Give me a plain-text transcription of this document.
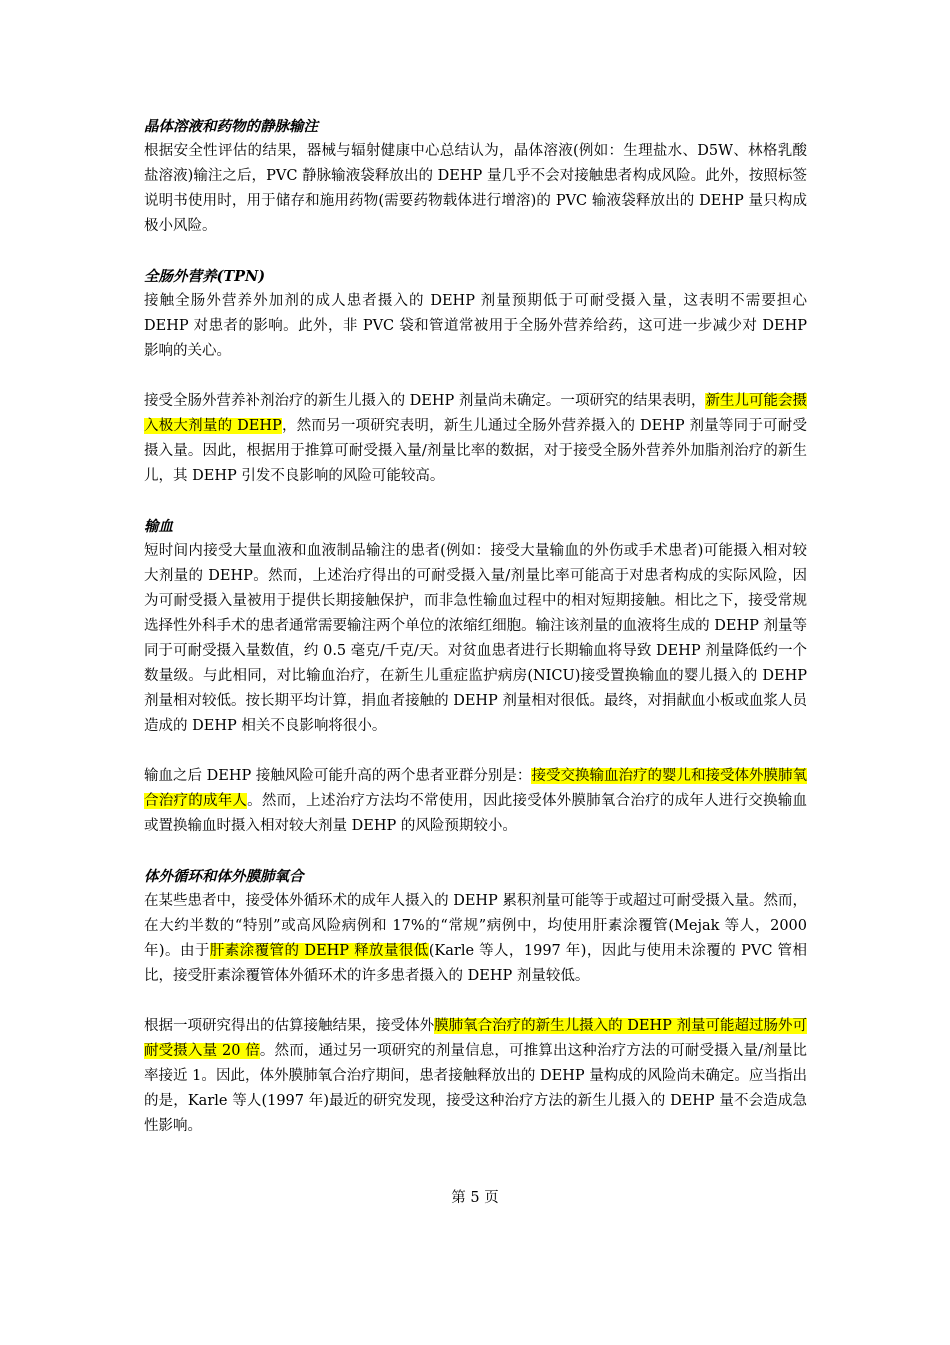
晶体溶液和药物的静脉输注

根据安全性评估的结果，器械与辐射健康中心总结认为，晶体溶液(例如：生理盐水、D5W、林格乳酸盐溶液)输注之后，PVC 静脉输液袋释放出的 DEHP 量几乎不会对接触患者构成风险。此外，按照标签说明书使用时，用于储存和施用药物(需要药物载体进行增溶)的 PVC 输液袋释放出的 DEHP 量只构成极小风险。

全肠外营养(TPN)

接触全肠外营养外加剂的成人患者摄入的 DEHP 剂量预期低于可耐受摄入量，这表明不需要担心 DEHP 对患者的影响。此外，非 PVC 袋和管道常被用于全肠外营养给药，这可进一步减少对 DEHP 影响的关心。

接受全肠外营养补剂治疗的新生儿摄入的 DEHP 剂量尚未确定。一项研究的结果表明，新生儿可能会摄入极大剂量的 DEHP，然而另一项研究表明，新生儿通过全肠外营养摄入的 DEHP 剂量等同于可耐受摄入量。因此，根据用于推算可耐受摄入量/剂量比率的数据，对于接受全肠外营养外加脂剂治疗的新生儿，其 DEHP 引发不良影响的风险可能较高。

输血

短时间内接受大量血液和血液制品输注的患者(例如：接受大量输血的外伤或手术患者)可能摄入相对较大剂量的 DEHP。然而，上述治疗得出的可耐受摄入量/剂量比率可能高于对患者构成的实际风险，因为可耐受摄入量被用于提供长期接触保护，而非急性输血过程中的相对短期接触。相比之下，接受常规选择性外科手术的患者通常需要输注两个单位的浓缩红细胞。输注该剂量的血液将生成的 DEHP 剂量等同于可耐受摄入量数值，约 0.5 毫克/千克/天。对贫血患者进行长期输血将导致 DEHP 剂量降低约一个数量级。与此相同，对比输血治疗，在新生儿重症监护病房(NICU)接受置换输血的婴儿摄入的 DEHP 剂量相对较低。按长期平均计算，捐血者接触的 DEHP 剂量相对很低。最终，对捐献血小板或血浆人员造成的 DEHP 相关不良影响将很小。

输血之后 DEHP 接触风险可能升高的两个患者亚群分别是：接受交换输血治疗的婴儿和接受体外膜肺氧合治疗的成年人。然而，上述治疗方法均不常使用，因此接受体外膜肺氧合治疗的成年人进行交换输血或置换输血时摄入相对较大剂量 DEHP 的风险预期较小。

体外循环和体外膜肺氧合

在某些患者中，接受体外循环术的成年人摄入的 DEHP 累积剂量可能等于或超过可耐受摄入量。然而，在大约半数的“特别”或高风险病例和 17%的“常规”病例中，均使用肝素涂覆管(Mejak 等人，2000 年)。由于肝素涂覆管的 DEHP 释放量很低(Karle 等人，1997 年)，因此与使用未涂覆的 PVC 管相比，接受肝素涂覆管体外循环术的许多患者摄入的 DEHP 剂量较低。

根据一项研究得出的估算接触结果，接受体外膜肺氧合治疗的新生儿摄入的 DEHP 剂量可能超过肠外可耐受摄入量 20 倍。然而，通过另一项研究的剂量信息，可推算出这种治疗方法的可耐受摄入量/剂量比率接近 1。因此，体外膜肺氧合治疗期间，患者接触释放出的 DEHP 量构成的风险尚未确定。应当指出的是，Karle 等人(1997 年)最近的研究发现，接受这种治疗方法的新生儿摄入的 DEHP 量不会造成急性影响。

第 5 页
